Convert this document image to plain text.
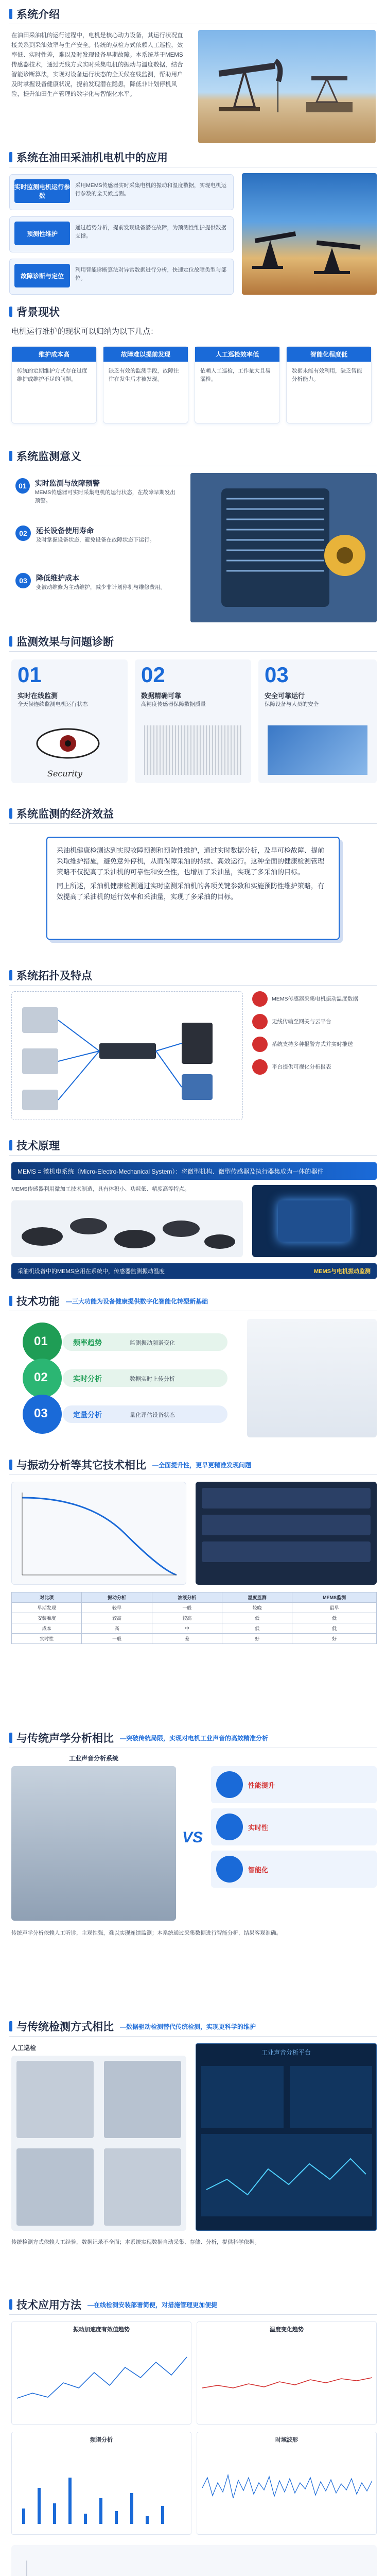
系统介绍
在油田采油机的运行过程中，电机是核心动力设备，其运行状况直接关系到采油效率与生产安全。传统的点检方式依赖人工巡检，效率低、实时性差，难以及时发现设备早期故障。本系统基于MEMS传感器技术，通过无线方式实时采集电机的振动与温度数据，结合智能诊断算法，实现对设备运行状态的全天候在线监测，帮助用户及时掌握设备健康状况，提前发现潜在隐患，降低非计划停机风险，提升油田生产管理的数字化与智能化水平。
系统在油田采油机电机中的应用
实时监测电机运行参数
采用MEMS传感器实时采集电机的振动和温度数据，实现电机运行参数的全天候监测。
预测性维护
通过趋势分析，提前发现设备潜在故障，为预测性维护提供数据支撑。
故障诊断与定位
利用智能诊断算法对异常数据进行分析，快速定位故障类型与部位。
背景现状
电机运行维护的现状可以归纳为以下几点：
维护成本高
传统的定期维护方式存在过度维护或维护不足的问题。
故障难以提前发现
缺乏有效的监测手段，故障往往在发生后才被发现。
人工巡检效率低
依赖人工巡检，工作量大且易漏检。
智能化程度低
数据未能有效利用，缺乏智能分析能力。
系统监测意义
01	实时监测与故障预警
MEMS传感器可实时采集电机的运行状态，在故障早期发出预警。
02	延长设备使用寿命
及时掌握设备状态，避免设备在故障状态下运行。
03	降低维护成本
变被动维修为主动维护，减少非计划停机与维修费用。
监测效果与问题诊断
01
实时在线监测
全天候连续监测电机运行状态
Security
02
数据精确可靠
高精度传感器保障数据质量
03
安全可靠运行
保障设备与人员的安全
系统监测的经济效益
采油机健康检测达到实现故障预测和预防性维护，通过实时数据分析，及早可检故障、提前采取维护措施，避免意外停机，从而保障采油的持续、高效运行。这种全面的健康检测管理策略不仅提高了采油机的可靠性和安全性，也增加了采油量，实现了多采油的目标。
同上所述，采油机健康检测通过实时监测采油机的各项关键参数和实施预防性维护策略，有效提高了采油机的运行效率和采油量，实现了多采油的目标。
系统拓扑及特点
MEMS传感器采集电机振动温度数据
无线传输至网关与云平台
系统支持多种报警方式并实时推送
平台提供可视化分析报表
技术原理
MEMS = 微机电系统（Micro-Electro-Mechanical System）：将微型机构、微型传感器及执行器集成为一体的器件
MEMS传感器利用微加工技术制造，具有体积小、功耗低、精度高等特点。
采油机设备中的MEMS应用在系统中，传感器监测振动温度	MEMS与电机振动监测
技术功能 —三大功能为设备健康提供数字化智能化转型新基础
01
02
03
频率趋势	监测振动频谱变化
实时分析	数据实时上传分析
定量分析	量化评估设备状态
与振动分析等其它技术相比 —全面提升性，更早更精准发现问题
对比项	振动分析	油液分析	温度监测	MEMS监测
早期发现	较早	一般	较晚	最早
安装难度	较高	较高	低	低
成本	高	中	低	低
实时性	一般	差	好	好
与传统声学分析相比 —突破传统局限，实现对电机工业声音的高效精准分析
工业声音分析系统
VS
性能提升
实时性
智能化
传统声学分析依赖人工听诊，主观性强，难以实现连续监测；本系统通过采集数据进行智能分析，结果客观准确。
与传统检测方式相比 —数据驱动检测替代传统检测，实现更科学的维护
人工巡检
工业声音分析平台
传统检测方式依赖人工经验，数据记录不全面；本系统实现数据自动采集、存储、分析，提供科学依据。
技术应用方法 —在线检测安装部署简便，对措施管理更加便捷
振动加速度有效值趋势	温度变化趋势
频谱分析	时域波形
